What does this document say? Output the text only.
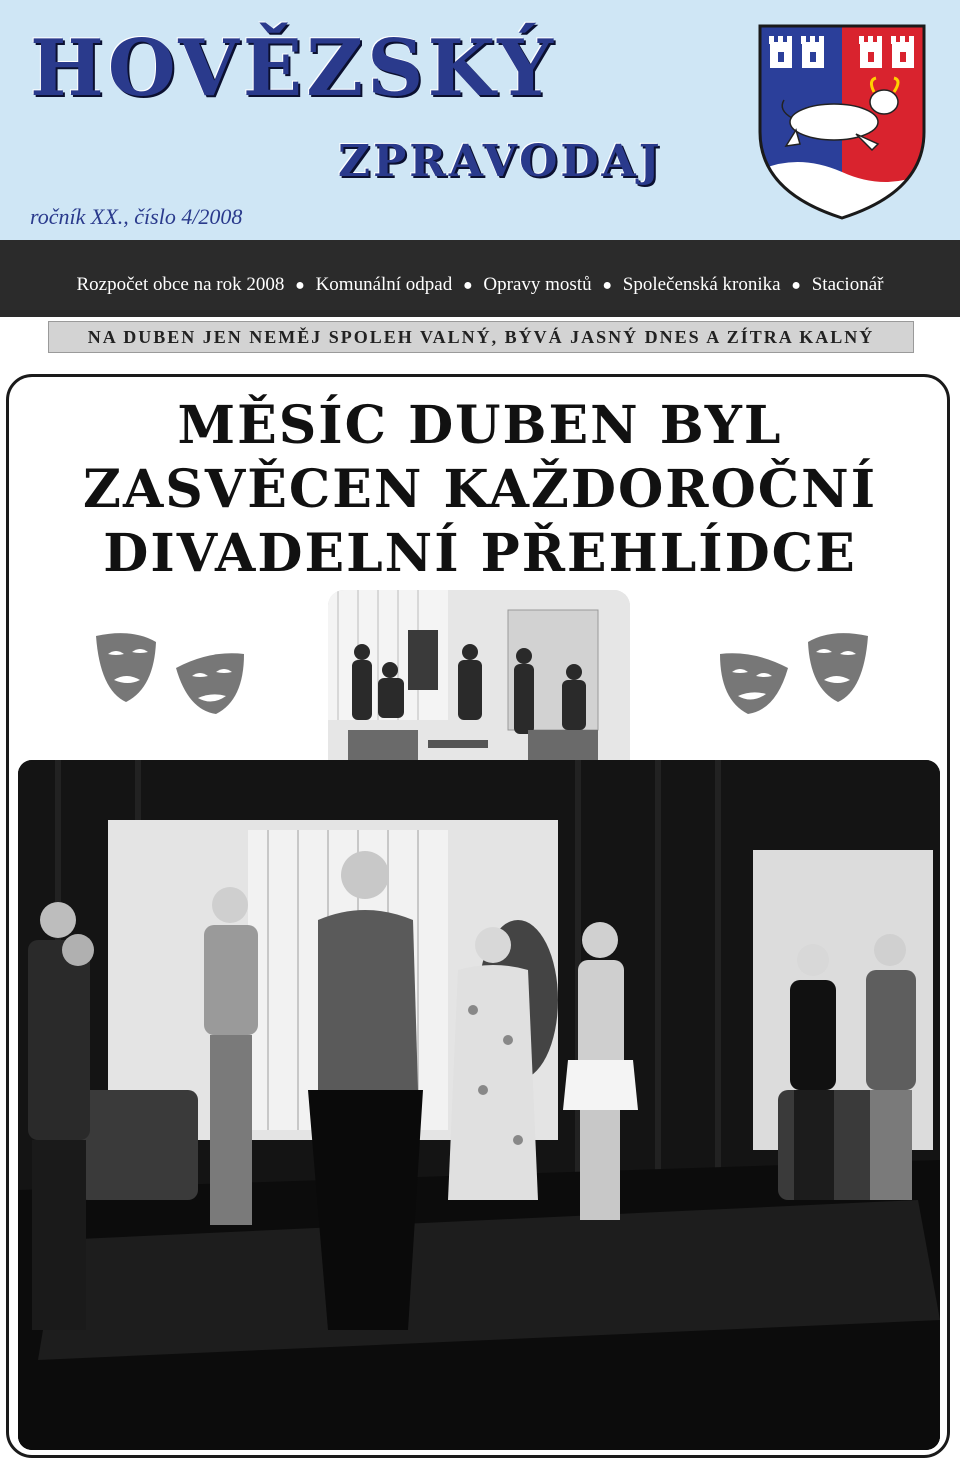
HOVĚZSKÝ
ZPRAVODAJ
ročník XX., číslo 4/2008
Rozpočet obce na rok 2008 ● Komunální odpad ● Opravy mostů ● Společenská kronika ● Stacionář
NA DUBEN JEN NEMĚJ SPOLEH VALNÝ, BÝVÁ JASNÝ DNES A ZÍTRA KALNÝ
MĚSÍC DUBEN BYL
ZASVĚCEN KAŽDOROČNÍ
DIVADELNÍ PŘEHLÍDCE
